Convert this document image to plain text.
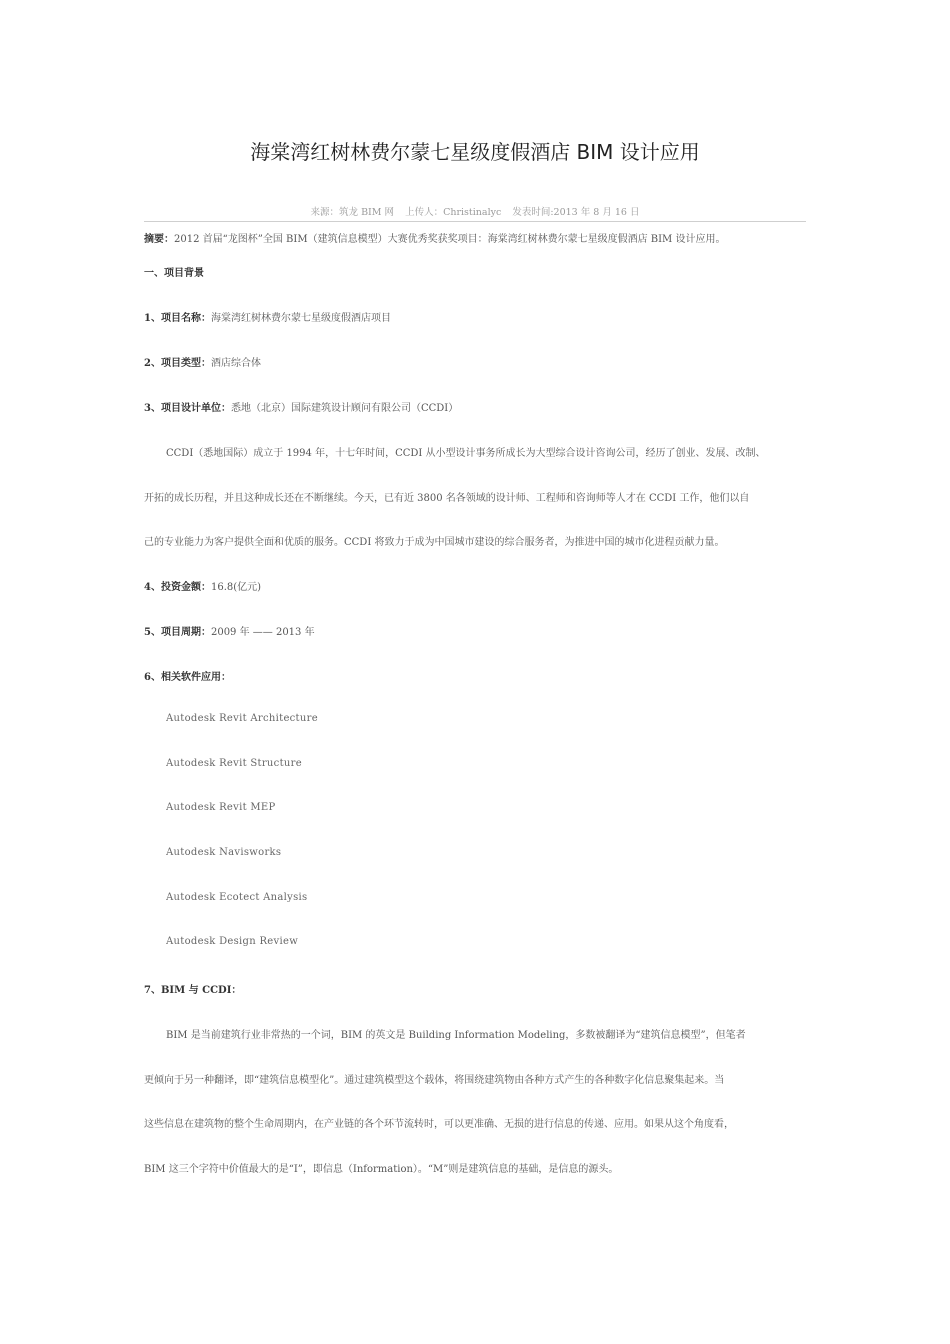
海棠湾红树林费尔蒙七星级度假酒店 BIM 设计应用
来源：筑龙 BIM 网 上传人：Christinalyc 发表时间:2013 年 8 月 16 日
摘要：2012 首届“龙图杯”全国 BIM（建筑信息模型）大赛优秀奖获奖项目：海棠湾红树林费尔蒙七星级度假酒店 BIM 设计应用。
一、项目背景
1、项目名称：海棠湾红树林费尔蒙七星级度假酒店项目
2、项目类型：酒店综合体
3、项目设计单位：悉地（北京）国际建筑设计顾问有限公司（CCDI）
CCDI（悉地国际）成立于 1994 年，十七年时间，CCDI 从小型设计事务所成长为大型综合设计咨询公司，经历了创业、发展、改制、
开拓的成长历程，并且这种成长还在不断继续。今天，已有近 3800 名各领域的设计师、工程师和咨询师等人才在 CCDI 工作，他们以自
己的专业能力为客户提供全面和优质的服务。CCDI 将致力于成为中国城市建设的综合服务者，为推进中国的城市化进程贡献力量。
4、投资金额：16.8(亿元)
5、项目周期：2009 年 —— 2013 年
6、相关软件应用：
Autodesk Revit Architecture
Autodesk Revit Structure
Autodesk Revit MEP
Autodesk Navisworks
Autodesk Ecotect Analysis
Autodesk Design Review
7、BIM 与 CCDI：
BIM 是当前建筑行业非常热的一个词，BIM 的英文是 Building Information Modeling，多数被翻译为“建筑信息模型”，但笔者
更倾向于另一种翻译，即“建筑信息模型化”。通过建筑模型这个载体，将围绕建筑物由各种方式产生的各种数字化信息聚集起来。当
这些信息在建筑物的整个生命周期内，在产业链的各个环节流转时，可以更准确、无损的进行信息的传递、应用。如果从这个角度看，
BIM 这三个字符中价值最大的是“I”，即信息（Information）。“M”则是建筑信息的基础，是信息的源头。
